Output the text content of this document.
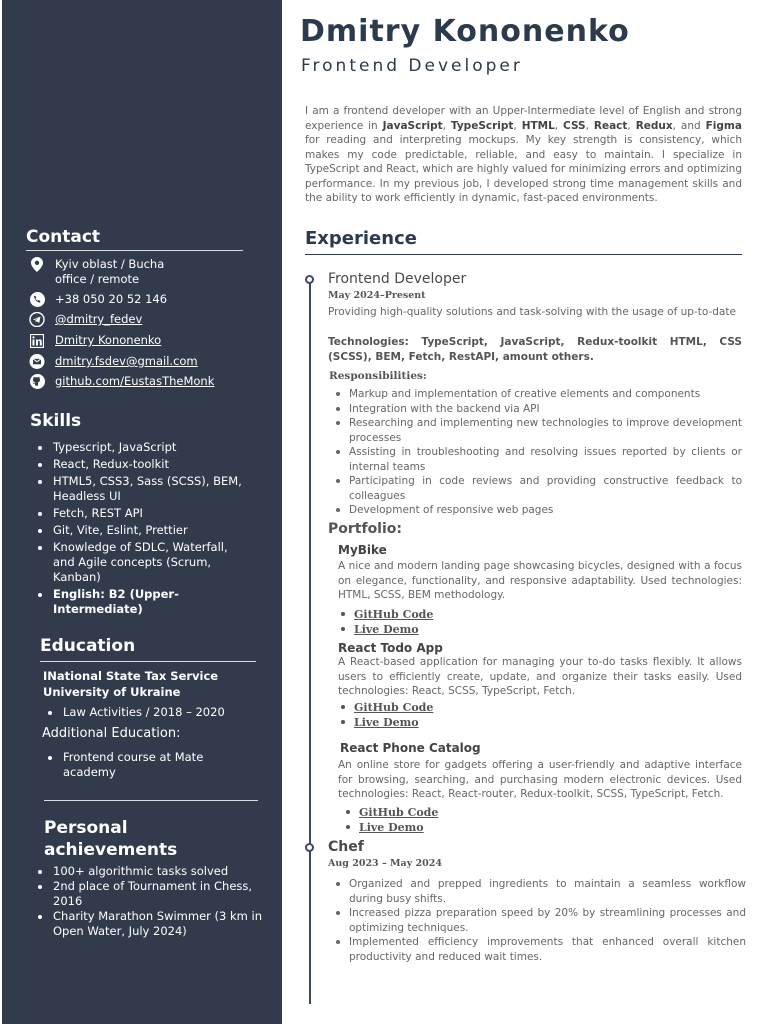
Contact
Kyiv oblast / Bucha
office / remote
+38 050 20 52 146
@dmitry_fedev
Dmitry Kononenko
dmitry.fsdev@gmail.com
github.com/EustasTheMonk
Skills
Typescript, JavaScript
React, Redux-toolkit
HTML5, CSS3, Sass (SCSS), BEM, Headless UI
Fetch, REST API
Git, Vite, Eslint, Prettier
Knowledge of SDLC, Waterfall, and Agile concepts (Scrum, Kanban)
English: B2 (Upper-Intermediate)
Education
INational State Tax Service University of Ukraine
Law Activities / 2018 – 2020
Additional Education:
Frontend course at Mate academy
Personal achievements
100+ algorithmic tasks solved
2nd place of Tournament in Chess, 2016
Charity Marathon Swimmer (3 km in Open Water, July 2024)
Dmitry Kononenko
Frontend Developer
I am a frontend developer with an Upper-Intermediate level of English and strong experience in JavaScript, TypeScript, HTML, CSS, React, Redux, and Figma for reading and interpreting mockups. My key strength is consistency, which makes my code predictable, reliable, and easy to maintain. I specialize in TypeScript and React, which are highly valued for minimizing errors and optimizing performance. In my previous job, I developed strong time management skills and the ability to work efficiently in dynamic, fast-paced environments.
Experience
Frontend Developer
May 2024–Present
Providing high-quality solutions and task-solving with the usage of up-to-date
Technologies: TypeScript, JavaScript, Redux-toolkit HTML, CSS (SCSS), BEM, Fetch, RestAPI, amount others.
Responsibilities:
Markup and implementation of creative elements and components
Integration with the backend via API
Researching and implementing new technologies to improve development processes
Assisting in troubleshooting and resolving issues reported by clients or internal teams
Participating in code reviews and providing constructive feedback to colleagues
Development of responsive web pages
Portfolio:
MyBike
A nice and modern landing page showcasing bicycles, designed with a focus on elegance, functionality, and responsive adaptability. Used technologies: HTML, SCSS, BEM methodology.
GitHub Code
Live Demo
React Todo App
A React-based application for managing your to-do tasks flexibly. It allows users to efficiently create, update, and organize their tasks easily. Used technologies: React, SCSS, TypeScript, Fetch.
GitHub Code
Live Demo
React Phone Catalog
An online store for gadgets offering a user-friendly and adaptive interface for browsing, searching, and purchasing modern electronic devices. Used technologies: React, React-router, Redux-toolkit, SCSS, TypeScript, Fetch.
GitHub Code
Live Demo
Chef
Aug 2023 – May 2024
Organized and prepped ingredients to maintain a seamless workflow during busy shifts.
Increased pizza preparation speed by 20% by streamlining processes and optimizing techniques.
Implemented efficiency improvements that enhanced overall kitchen productivity and reduced wait times.
